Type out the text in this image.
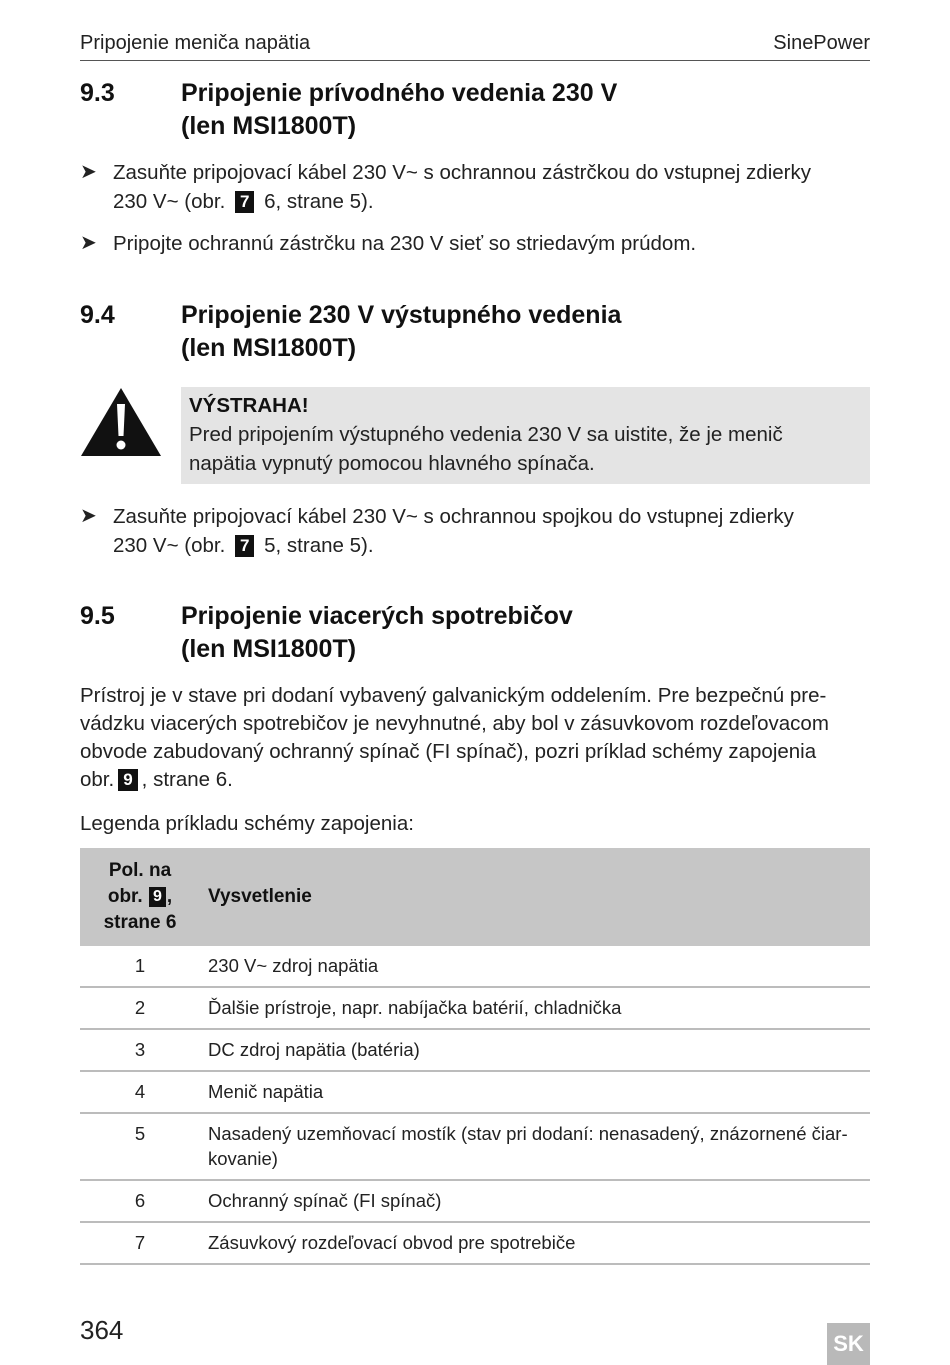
Pripojenie meniča napätia	SinePower
9.3	Pripojenie prívodného vedenia 230 V
(len MSI1800T)
➤ Zasuňte pripojovací kábel 230 V~ s ochrannou zástrčkou do vstupnej zdierky
230 V~ (obr. 7 6, strane 5).
➤ Pripojte ochrannú zástrčku na 230 V sieť so striedavým prúdom.
9.4	Pripojenie 230 V výstupného vedenia
(len MSI1800T)
VÝSTRAHA!
Pred pripojením výstupného vedenia 230 V sa uistite, že je menič
napätia vypnutý pomocou hlavného spínača.
➤ Zasuňte pripojovací kábel 230 V~ s ochrannou spojkou do vstupnej zdierky
230 V~ (obr. 7 5, strane 5).
9.5	Pripojenie viacerých spotrebičov
(len MSI1800T)
Prístroj je v stave pri dodaní vybavený galvanickým oddelením. Pre bezpečnú pre-
vádzku viacerých spotrebičov je nevyhnutné, aby bol v zásuvkovom rozdeľovacom
obvode zabudovaný ochranný spínač (FI spínač), pozri príklad schémy zapojenia
obr. 9 , strane 6.
Legenda príkladu schémy zapojenia:
Pol. na
obr. 9 ,
strane 6	Vysvetlenie
1	230 V~ zdroj napätia
2	Ďalšie prístroje, napr. nabíjačka batérií, chladnička
3	DC zdroj napätia (batéria)
4	Menič napätia
5	Nasadený uzemňovací mostík (stav pri dodaní: nenasadený, znázornené čiar-kovanie)
6	Ochranný spínač (FI spínač)
7	Zásuvkový rozdeľovací obvod pre spotrebiče
364	SK
